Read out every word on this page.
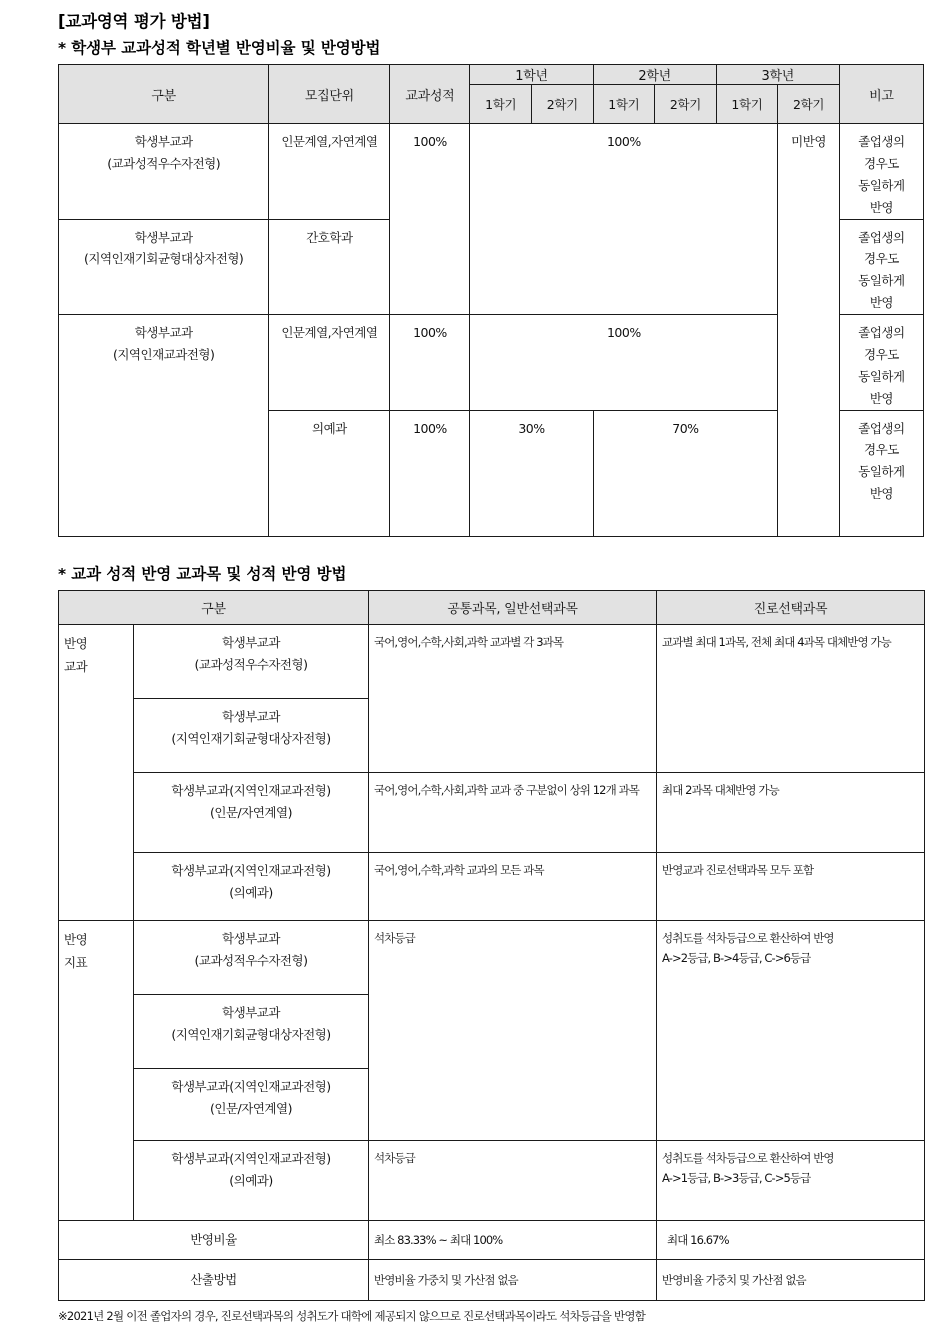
[교과영역 평가 방법]
* 학생부 교과성적 학년별 반영비율 및 반영방법
구분	모집단위	교과성적	1학년		2학년		3학년		비고
			1학기	2학기	1학기	2학기	1학기	2학기	

학생부교과
(교과성적우수자전형)	인문계열,자연계열	100%	100%					미반영	졸업생의
경우도
동일하게
반영

학생부교과
(지역인재기회균형대상자전형)	간호학과								졸업생의
경우도
동일하게
반영

학생부교과
(지역인재교과전형)	인문계열,자연계열	100%	100%						졸업생의
경우도
동일하게
반영

	의예과	100%	30%		70%				졸업생의
경우도
동일하게
반영
* 교과 성적 반영 교과목 및 성적 반영 방법
구분		공통과목, 일반선택과목	진로선택과목

반영
교과	학생부교과
(교과성적우수자전형)	국어,영어,수학,사회,과학 교과별 각 3과목	교과별 최대 1과목, 전체 최대 4과목 대체반영 가능

	학생부교과
(지역인재기회균형대상자전형)		

	학생부교과(지역인재교과전형)
(인문/자연계열)	국어,영어,수학,사회,과학 교과 중 구분없이 상위 12개 과목	최대 2과목 대체반영 가능

	학생부교과(지역인재교과전형)
(의예과)	국어,영어,수학,과학 교과의 모든 과목	반영교과 진로선택과목 모두 포함

반영
지표	학생부교과
(교과성적우수자전형)	석차등급	성취도를 석차등급으로 환산하여 반영
A->2등급, B->4등급, C->6등급

	학생부교과
(지역인재기회균형대상자전형)		

	학생부교과(지역인재교과전형)
(인문/자연계열)		

	학생부교과(지역인재교과전형)
(의예과)	석차등급	성취도를 석차등급으로 환산하여 반영
A->1등급, B->3등급, C->5등급

반영비율		최소 83.33% ~ 최대 100%	최대 16.67%
산출방법		반영비율 가중치 및 가산점 없음	반영비율 가중치 및 가산점 없음
※2021년 2월 이전 졸업자의 경우, 진로선택과목의 성취도가 대학에 제공되지 않으므로 진로선택과목이라도 석차등급을 반영함
